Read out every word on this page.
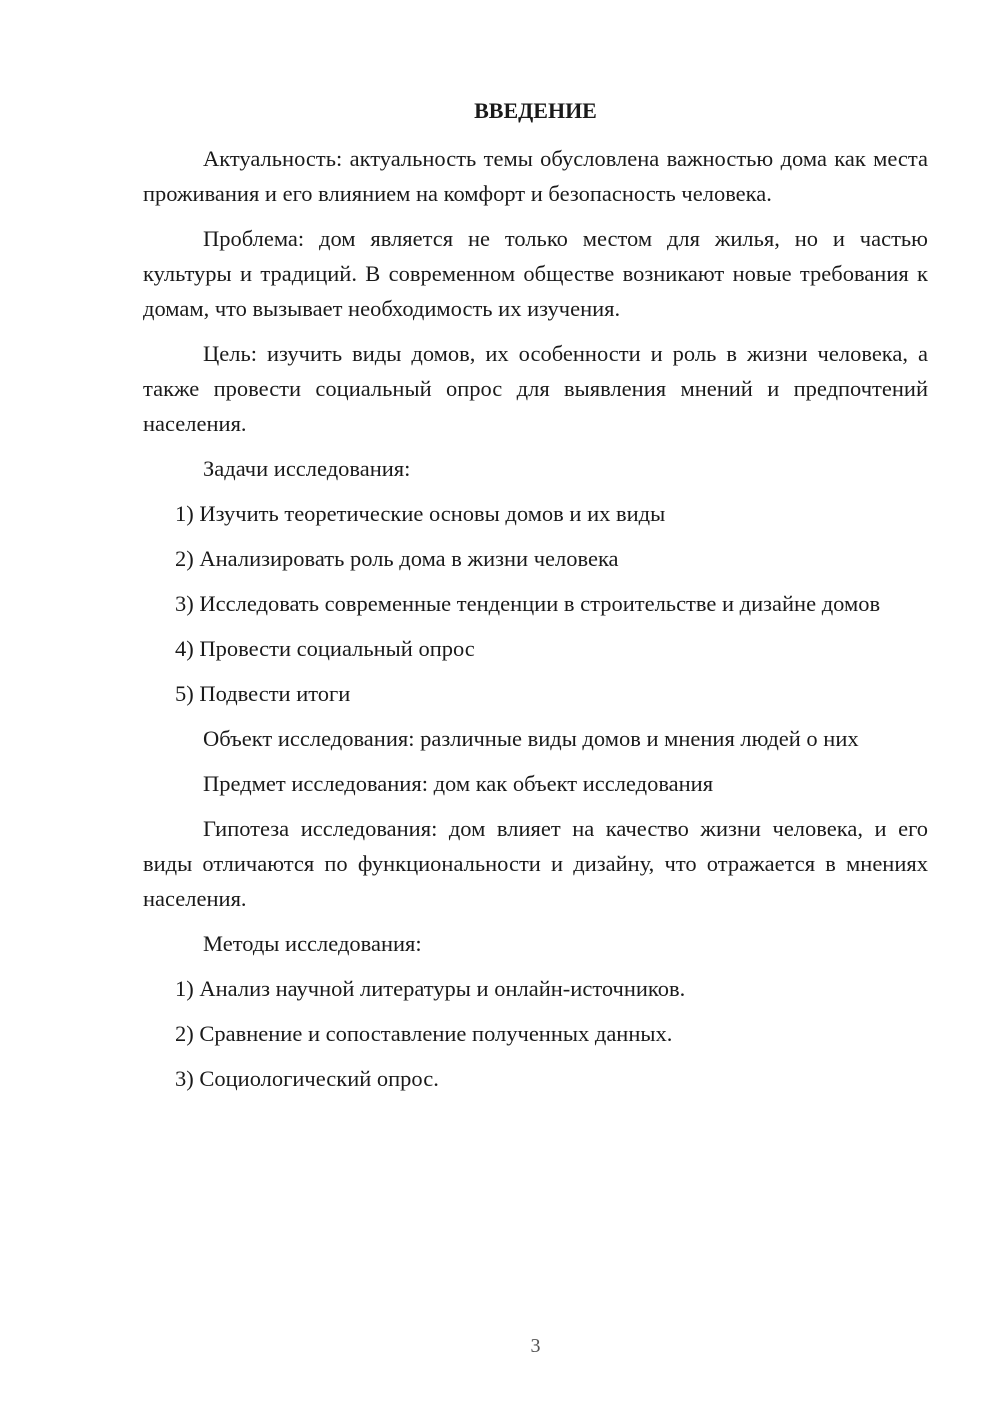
ВВЕДЕНИЕ

Актуальность: актуальность темы обусловлена важностью дома как места проживания и его влиянием на комфорт и безопасность человека.

Проблема: дом является не только местом для жилья, но и частью культуры и традиций. В современном обществе возникают новые требования к домам, что вызывает необходимость их изучения.

Цель: изучить виды домов, их особенности и роль в жизни человека, а также провести социальный опрос для выявления мнений и предпочтений населения.

Задачи исследования:

1) Изучить теоретические основы домов и их виды

2) Анализировать роль дома в жизни человека

3) Исследовать современные тенденции в строительстве и дизайне домов

4) Провести социальный опрос

5) Подвести итоги

Объект исследования: различные виды домов и мнения людей о них

Предмет исследования: дом как объект исследования

Гипотеза исследования: дом влияет на качество жизни человека, и его виды отличаются по функциональности и дизайну, что отражается в мнениях населения.

Методы исследования:

1) Анализ научной литературы и онлайн-источников.

2) Сравнение и сопоставление полученных данных.

3) Социологический опрос.

3
